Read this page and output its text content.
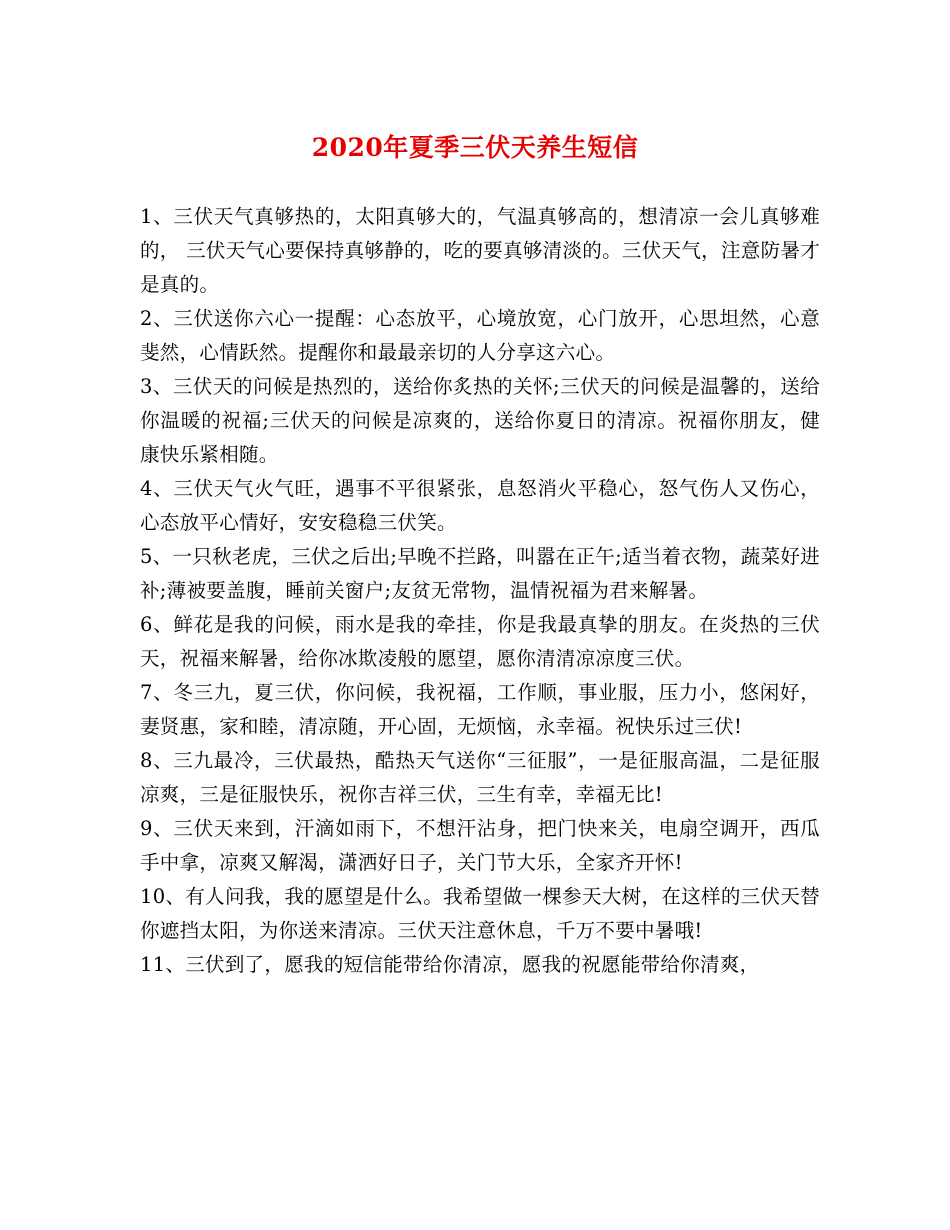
2020年夏季三伏天养生短信

1、三伏天气真够热的，太阳真够大的，气温真够高的，想清凉一会儿真够难的， 三伏天气心要保持真够静的，吃的要真够清淡的。三伏天气，注意防暑才是真的。

2、三伏送你六心一提醒：心态放平，心境放宽，心门放开，心思坦然，心意斐然，心情跃然。提醒你和最最亲切的人分享这六心。

3、三伏天的问候是热烈的，送给你炙热的关怀;三伏天的问候是温馨的，送给你温暖的祝福;三伏天的问候是凉爽的，送给你夏日的清凉。祝福你朋友，健康快乐紧相随。

4、三伏天气火气旺，遇事不平很紧张，息怒消火平稳心，怒气伤人又伤心，心态放平心情好，安安稳稳三伏笑。

5、一只秋老虎，三伏之后出;早晚不拦路，叫嚣在正午;适当着衣物，蔬菜好进补;薄被要盖腹，睡前关窗户;友贫无常物，温情祝福为君来解暑。

6、鲜花是我的问候，雨水是我的牵挂，你是我最真挚的朋友。在炎热的三伏天，祝福来解暑，给你冰欺凌般的愿望，愿你清清凉凉度三伏。

7、冬三九，夏三伏，你问候，我祝福，工作顺，事业服，压力小，悠闲好，妻贤惠，家和睦，清凉随，开心固，无烦恼，永幸福。祝快乐过三伏!

8、三九最冷，三伏最热，酷热天气送你“三征服”，一是征服高温，二是征服凉爽，三是征服快乐，祝你吉祥三伏，三生有幸，幸福无比!

9、三伏天来到，汗滴如雨下，不想汗沾身，把门快来关，电扇空调开，西瓜手中拿，凉爽又解渴，潇洒好日子，关门节大乐，全家齐开怀!

10、有人问我，我的愿望是什么。我希望做一棵参天大树，在这样的三伏天替你遮挡太阳，为你送来清凉。三伏天注意休息，千万不要中暑哦!

11、三伏到了，愿我的短信能带给你清凉，愿我的祝愿能带给你清爽，
